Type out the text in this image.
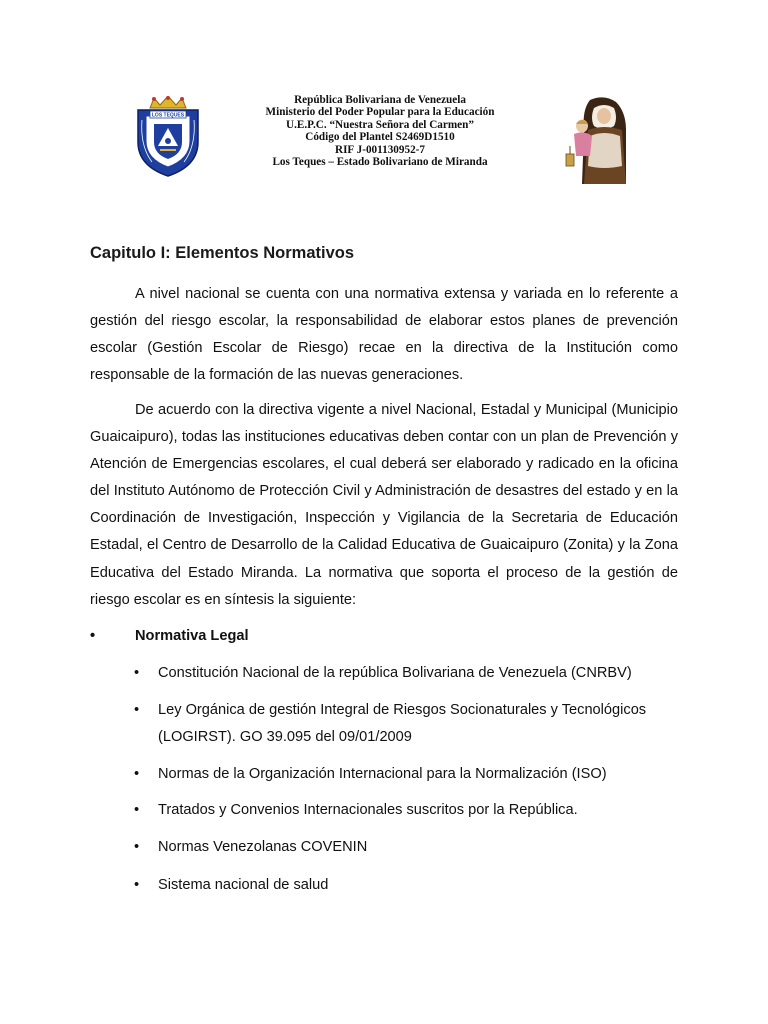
LOS TEQUES
República Bolivariana de Venezuela
Ministerio del Poder Popular para la Educación
U.E.P.C. “Nuestra Señora del Carmen”
Código del Plantel S2469D1510
RIF J-001130952-7
Los Teques – Estado Bolivariano de Miranda
Capitulo I: Elementos Normativos

A nivel nacional se cuenta con una normativa extensa y variada en lo referente a gestión del riesgo escolar, la responsabilidad de elaborar estos planes de prevención escolar (Gestión Escolar de Riesgo) recae en la directiva de la Institución como responsable de la formación de las nuevas generaciones.

De acuerdo con la directiva vigente a nivel Nacional, Estadal y Municipal (Municipio Guaicaipuro), todas las instituciones educativas deben contar con un plan de Prevención y Atención de Emergencias escolares, el cual deberá ser elaborado y radicado en la oficina del Instituto Autónomo de Protección Civil y Administración de desastres del estado y en la Coordinación de Investigación, Inspección y Vigilancia de la Secretaria de Educación Estadal, el Centro de Desarrollo de la Calidad Educativa de Guaicaipuro (Zonita) y la Zona Educativa del Estado Miranda. La normativa que soporta el proceso de la gestión de riesgo escolar es en síntesis la siguiente:

•	Normativa Legal
• Constitución Nacional de la república Bolivariana de Venezuela (CNRBV)
• Ley Orgánica de gestión Integral de Riesgos Socionaturales y Tecnológicos (LOGIRST). GO 39.095 del 09/01/2009
• Normas de la Organización Internacional para la Normalización (ISO)
• Tratados y Convenios Internacionales suscritos por la República.
• Normas Venezolanas COVENIN
• Sistema nacional de salud
